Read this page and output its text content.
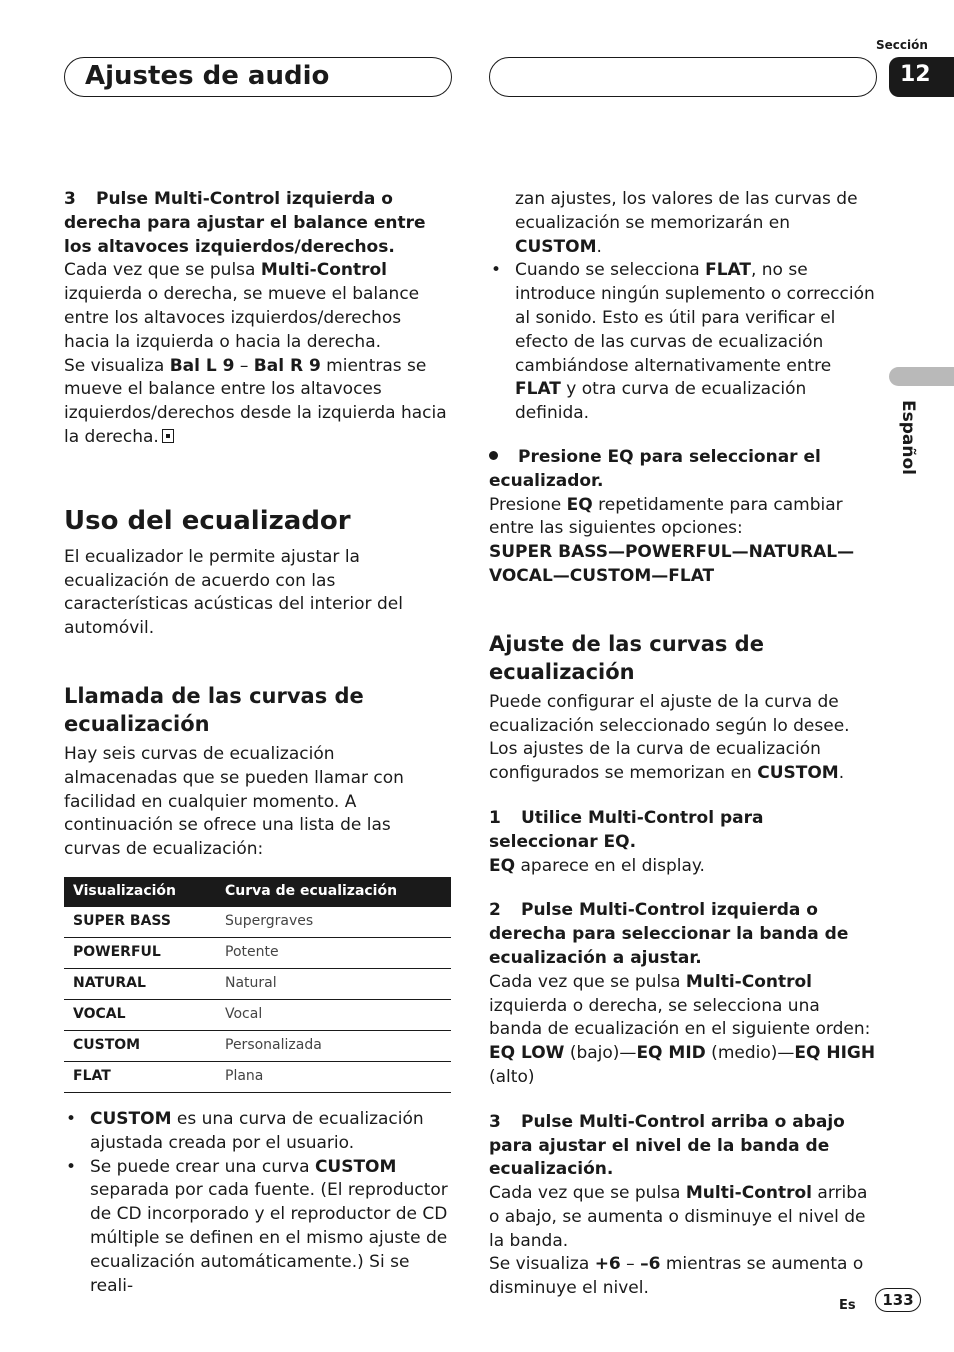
Sección
Ajustes de audio	12
Español

3 Pulse Multi-Control izquierda o derecha para ajustar el balance entre los altavoces izquierdos/derechos.

Cada vez que se pulsa Multi-Control izquierda o derecha, se mueve el balance entre los altavoces izquierdos/derechos hacia la izquierda o hacia la derecha.

Se visualiza Bal L 9 – Bal R 9 mientras se mueve el balance entre los altavoces izquierdos/derechos desde la izquierda hacia la derecha.

Uso del ecualizador

El ecualizador le permite ajustar la ecualización de acuerdo con las características acústicas del interior del automóvil.

Llamada de las curvas de ecualización

Hay seis curvas de ecualización almacenadas que se pueden llamar con facilidad en cualquier momento. A continuación se ofrece una lista de las curvas de ecualización:

Visualización	Curva de ecualización
SUPER BASS	Supergraves
POWERFUL	Potente
NATURAL	Natural
VOCAL	Vocal
CUSTOM	Personalizada
FLAT	Plana
• CUSTOM es una curva de ecualización ajustada creada por el usuario.
• Se puede crear una curva CUSTOM separada por cada fuente. (El reproductor de CD incorporado y el reproductor de CD múltiple se definen en el mismo ajuste de ecualización automáticamente.) Si se reali-

zan ajustes, los valores de las curvas de ecualización se memorizarán en CUSTOM.

• Cuando se selecciona FLAT, no se introduce ningún suplemento o corrección al sonido. Esto es útil para verificar el efecto de las curvas de ecualización cambiándose alternativamente entre FLAT y otra curva de ecualización definida.

Presione EQ para seleccionar el ecualizador.

Presione EQ repetidamente para cambiar entre las siguientes opciones:

SUPER BASS—POWERFUL—NATURAL—VOCAL—CUSTOM—FLAT

Ajuste de las curvas de ecualización

Puede configurar el ajuste de la curva de ecualización seleccionado según lo desee. Los ajustes de la curva de ecualización configurados se memorizan en CUSTOM.

1 Utilice Multi-Control para seleccionar EQ.

EQ aparece en el display.

2 Pulse Multi-Control izquierda o derecha para seleccionar la banda de ecualización a ajustar.

Cada vez que se pulsa Multi-Control izquierda o derecha, se selecciona una banda de ecualización en el siguiente orden:

EQ LOW (bajo)—EQ MID (medio)—EQ HIGH (alto)

3 Pulse Multi-Control arriba o abajo para ajustar el nivel de la banda de ecualización.

Cada vez que se pulsa Multi-Control arriba o abajo, se aumenta o disminuye el nivel de la banda.

Se visualiza +6 – –6 mientras se aumenta o disminuye el nivel.

Es	133
